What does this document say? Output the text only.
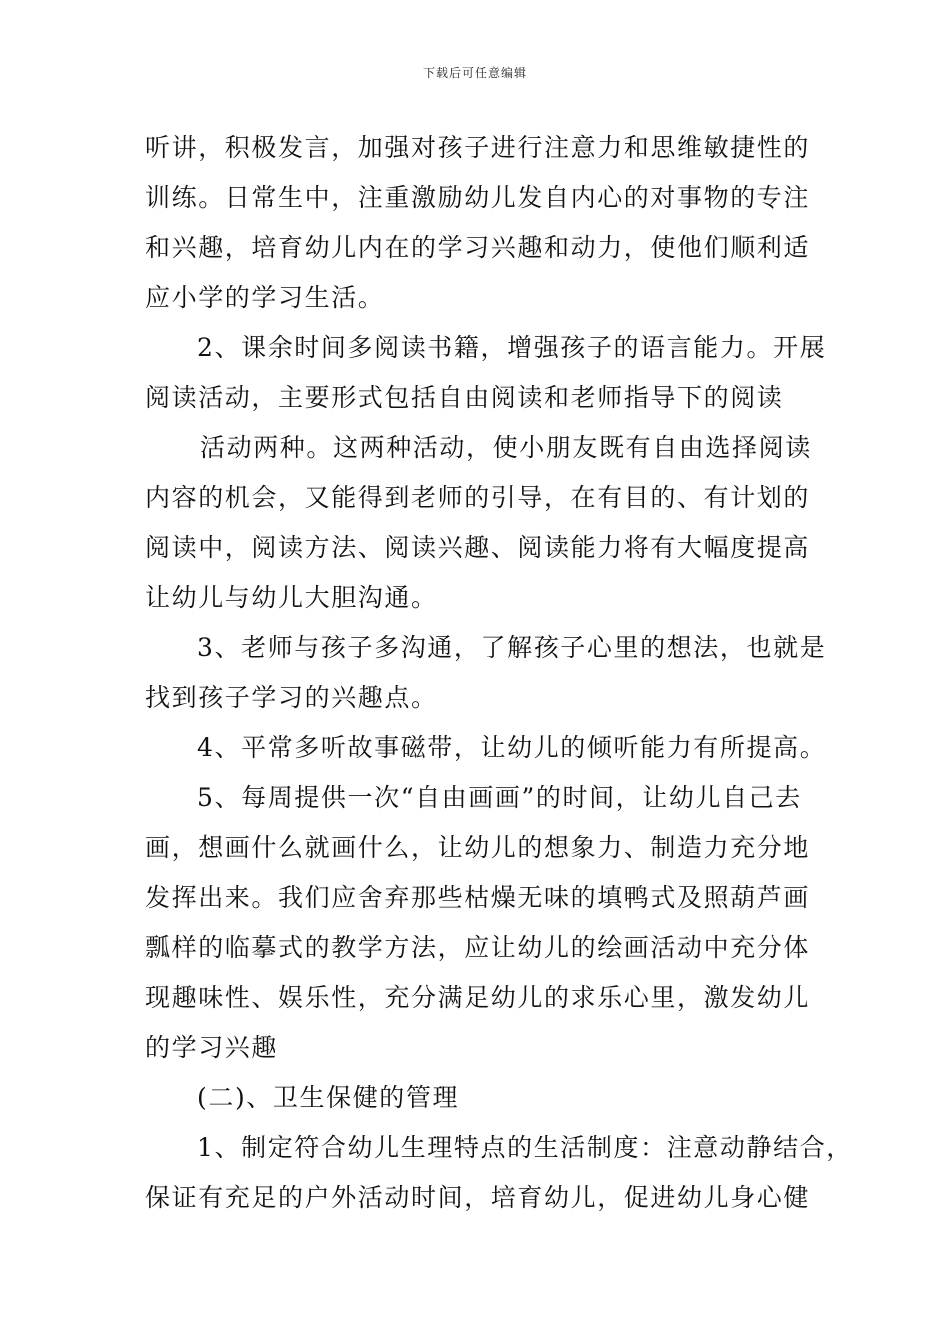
下载后可任意编辑
听讲，积极发言，加强对孩子进行注意力和思维敏捷性的
训练。日常生中，注重激励幼儿发自内心的对事物的专注
和兴趣，培育幼儿内在的学习兴趣和动力，使他们顺利适
应小学的学习生活。
2、课余时间多阅读书籍，增强孩子的语言能力。开展
阅读活动，主要形式包括自由阅读和老师指导下的阅读
活动两种。这两种活动，使小朋友既有自由选择阅读
内容的机会，又能得到老师的引导，在有目的、有计划的
阅读中，阅读方法、阅读兴趣、阅读能力将有大幅度提高
让幼儿与幼儿大胆沟通。
3、老师与孩子多沟通，了解孩子心里的想法，也就是
找到孩子学习的兴趣点。
4、平常多听故事磁带，让幼儿的倾听能力有所提高。
5、每周提供一次“自由画画”的时间，让幼儿自己去
画，想画什么就画什么，让幼儿的想象力、制造力充分地
发挥出来。我们应舍弃那些枯燥无味的填鸭式及照葫芦画
瓢样的临摹式的教学方法，应让幼儿的绘画活动中充分体
现趣味性、娱乐性，充分满足幼儿的求乐心里，激发幼儿
的学习兴趣
(二)、卫生保健的管理
1、制定符合幼儿生理特点的生活制度：注意动静结合，
保证有充足的户外活动时间，培育幼儿，促进幼儿身心健
